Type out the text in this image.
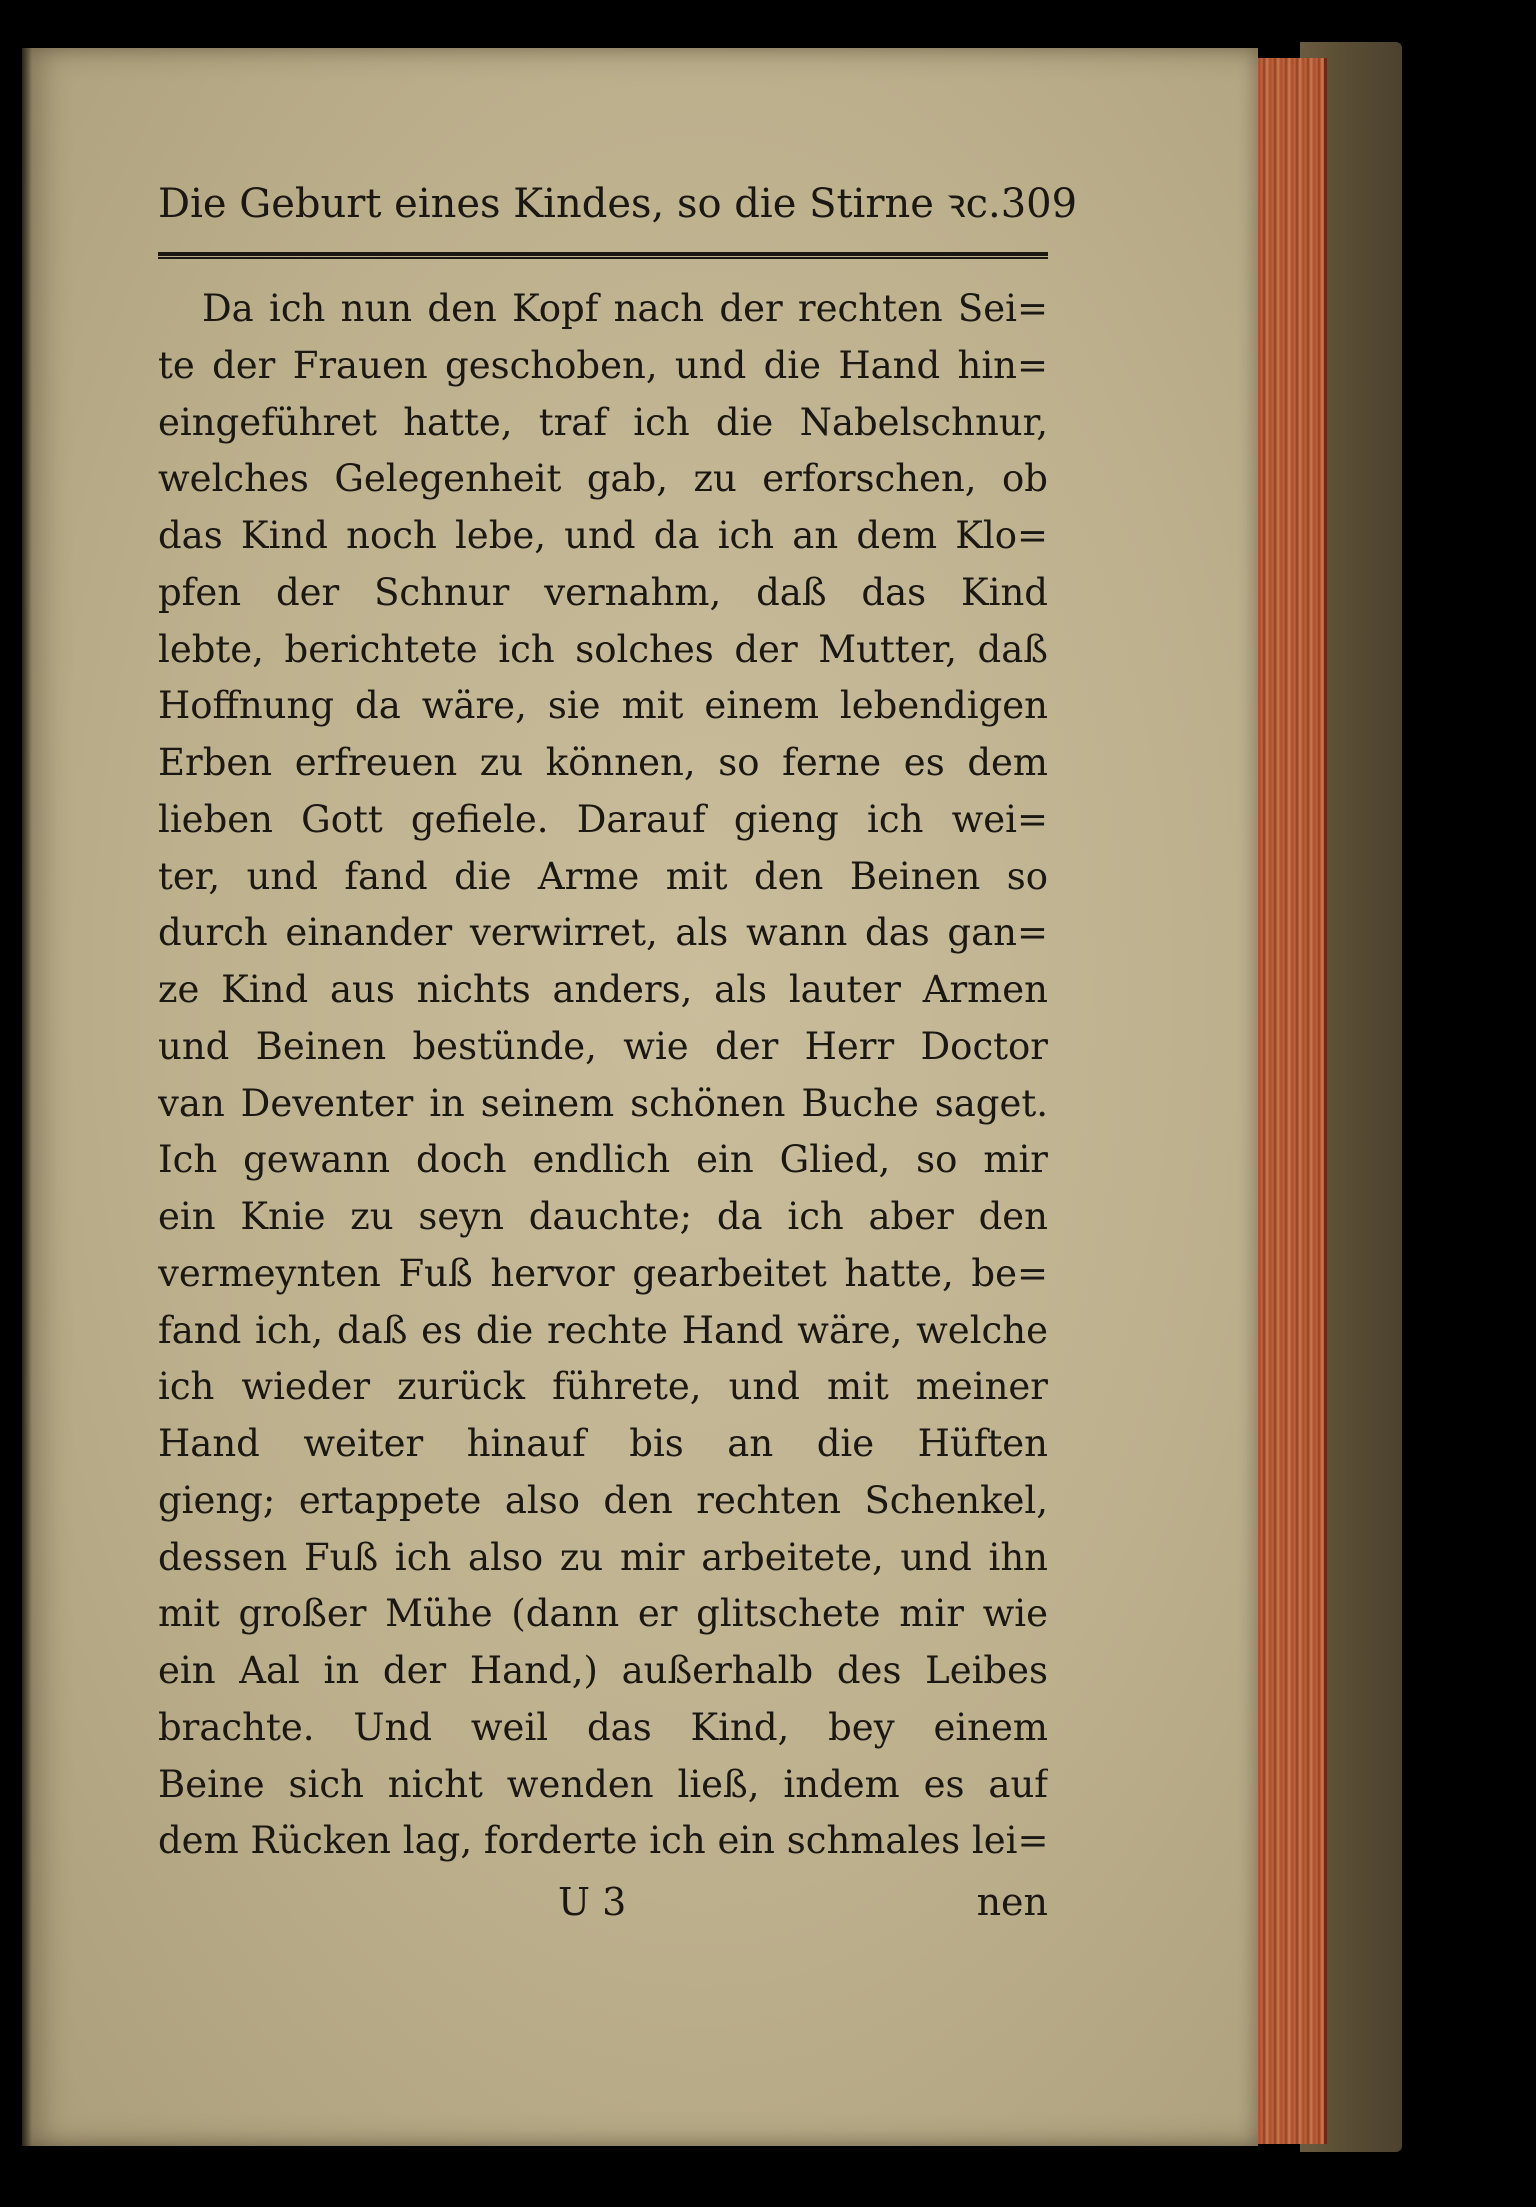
Die Geburt eines Kindes, so die Stirne ꝛc. 309
Da ich nun den Kopf nach der rechten Sei=
te der Frauen geschoben, und die Hand hin=
eingeführet hatte, traf ich die Nabelschnur,
welches Gelegenheit gab, zu erforschen, ob
das Kind noch lebe, und da ich an dem Klo=
pfen der Schnur vernahm, daß das Kind
lebte, berichtete ich solches der Mutter, daß
Hoffnung da wäre, sie mit einem lebendigen
Erben erfreuen zu können, so ferne es dem
lieben Gott gefiele. Darauf gieng ich wei=
ter, und fand die Arme mit den Beinen so
durch einander verwirret, als wann das gan=
ze Kind aus nichts anders, als lauter Armen
und Beinen bestünde, wie der Herr Doctor
van Deventer in seinem schönen Buche saget.
Ich gewann doch endlich ein Glied, so mir
ein Knie zu seyn dauchte; da ich aber den
vermeynten Fuß hervor gearbeitet hatte, be=
fand ich, daß es die rechte Hand wäre, welche
ich wieder zurück führete, und mit meiner
Hand weiter hinauf bis an die Hüften
gieng; ertappete also den rechten Schenkel,
dessen Fuß ich also zu mir arbeitete, und ihn
mit großer Mühe (dann er glitschete mir wie
ein Aal in der Hand,) außerhalb des Leibes
brachte. Und weil das Kind, bey einem
Beine sich nicht wenden ließ, indem es auf
dem Rücken lag, forderte ich ein schmales lei=
U 3	nen
